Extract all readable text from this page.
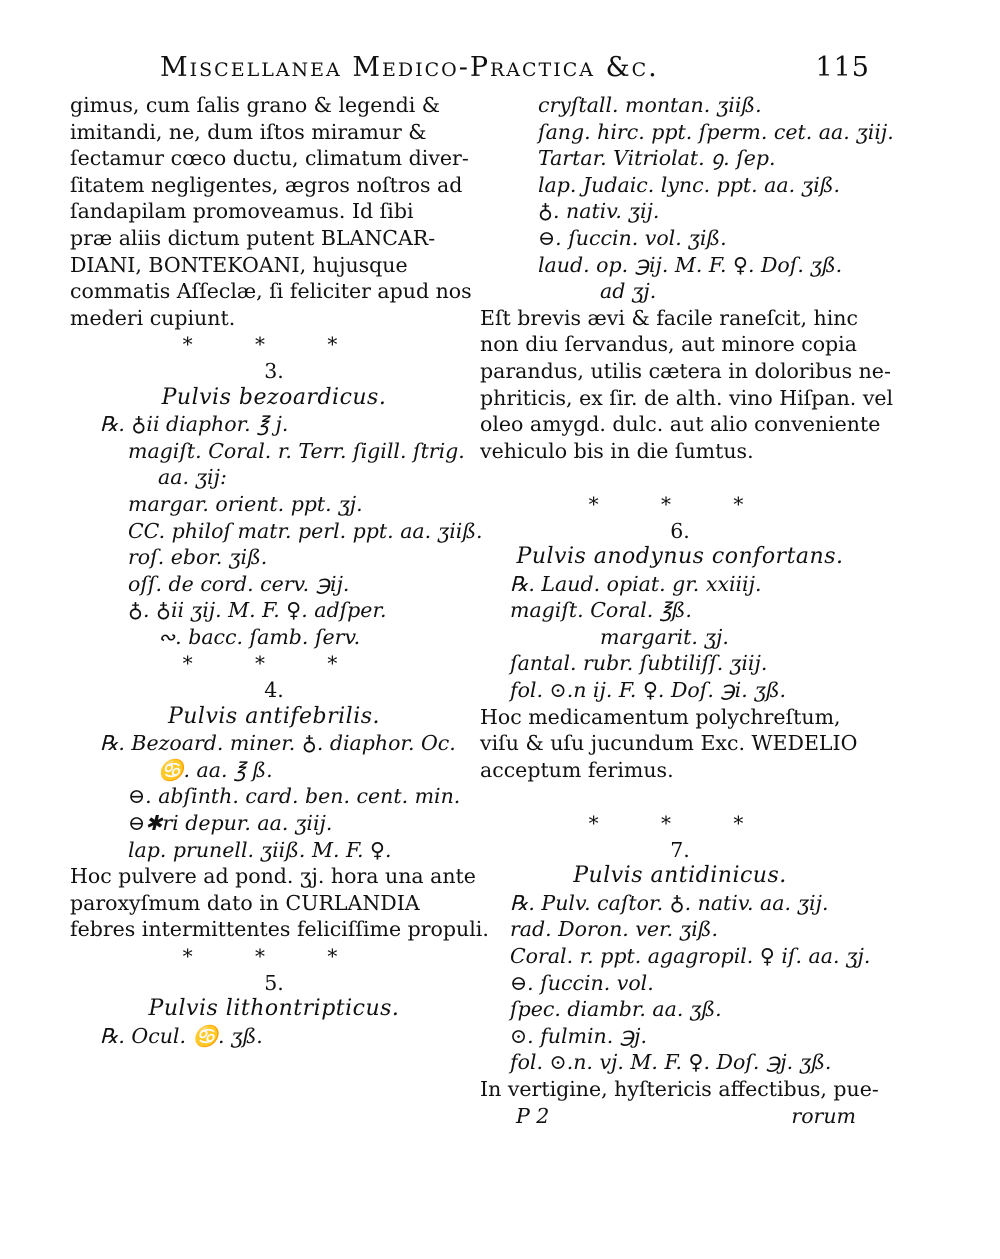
Miscellanea Medico-Practica &c.	115
gimus, cum ſalis grano & legendi &
imitandi, ne, dum iſtos miramur &
ſectamur cœco ductu, climatum diver-
ſitatem negligentes, ægros noſtros ad
ſandapilam promoveamus. Id ſibi
præ aliis dictum putent BLANCAR-
DIANI, BONTEKOANI, hujusque
commatis Aſſeclæ, ſi feliciter apud nos
mederi cupiunt.
* * *
3.
Pulvis bezoardicus.
℞. ♁ii diaphor. ℥ j.
magiſt. Coral. r. Terr. ſigill. ſtrig.
aa. ʒij:
margar. orient. ppt. ʒj.
CC. philoſ matr. perl. ppt. aa. ʒiiß.
roſ. ebor. ʒiß.
oſſ. de cord. cerv. ℈ij.
♁. ♁ii ʒij. M. F. ♀. adſper.
∾. bacc. ſamb. ſerv.
* * *
4.
Pulvis antifebrilis.
℞. Bezoard. miner. ♁. diaphor. Oc.
♋. aa. ℥ ß.
⊖. abſinth. card. ben. cent. min.
⊖✱ri depur. aa. ʒiij.
lap. prunell. ʒiiß. M. F. ♀.
Hoc pulvere ad pond. ʒj. hora una ante
paroxyſmum dato in CURLANDIA
febres intermittentes feliciſſime propuli.
* * *
5.
Pulvis lithontripticus.
℞. Ocul. ♋. ʒß.
cryſtall. montan. ʒiiß.
ſang. hirc. ppt. ſperm. cet. aa. ʒiij.
Tartar. Vitriolat. ꝯ. ſep.
lap. Judaic. lync. ppt. aa. ʒiß.
♁. nativ. ʒij.
⊖. ſuccin. vol. ʒiß.
laud. op. ℈ij. M. F. ♀. Doſ. ʒß.
ad ʒj.
Eſt brevis ævi & facile raneſcit, hinc
non diu ſervandus, aut minore copia
parandus, utilis cætera in doloribus ne-
phriticis, ex ſir. de alth. vino Hiſpan. vel
oleo amygd. dulc. aut alio conveniente
vehiculo bis in die ſumtus.
* * *
6.
Pulvis anodynus confortans.
℞. Laud. opiat. gr. xxiiij.
magiſt. Coral. ℥ß.
margarit. ʒj.
ſantal. rubr. ſubtiliſſ. ʒiij.
fol. ⊙.n ij. F. ♀. Doſ. ℈i. ʒß.
Hoc medicamentum polychreſtum,
viſu & uſu jucundum Exc. WEDELIO
acceptum ferimus.
* * *
7.
Pulvis antidinicus.
℞. Pulv. caſtor. ♁. nativ. aa. ʒij.
rad. Doron. ver. ʒiß.
Coral. r. ppt. agagropil. ♀ iſ. aa. ʒj.
⊖. ſuccin. vol.
ſpec. diambr. aa. ʒß.
⊙. fulmin. ℈j.
fol. ⊙.n. vj. M. F. ♀. Doſ. ℈j. ʒß.
In vertigine, hyſtericis affectibus, pue-
P 2	rorum
